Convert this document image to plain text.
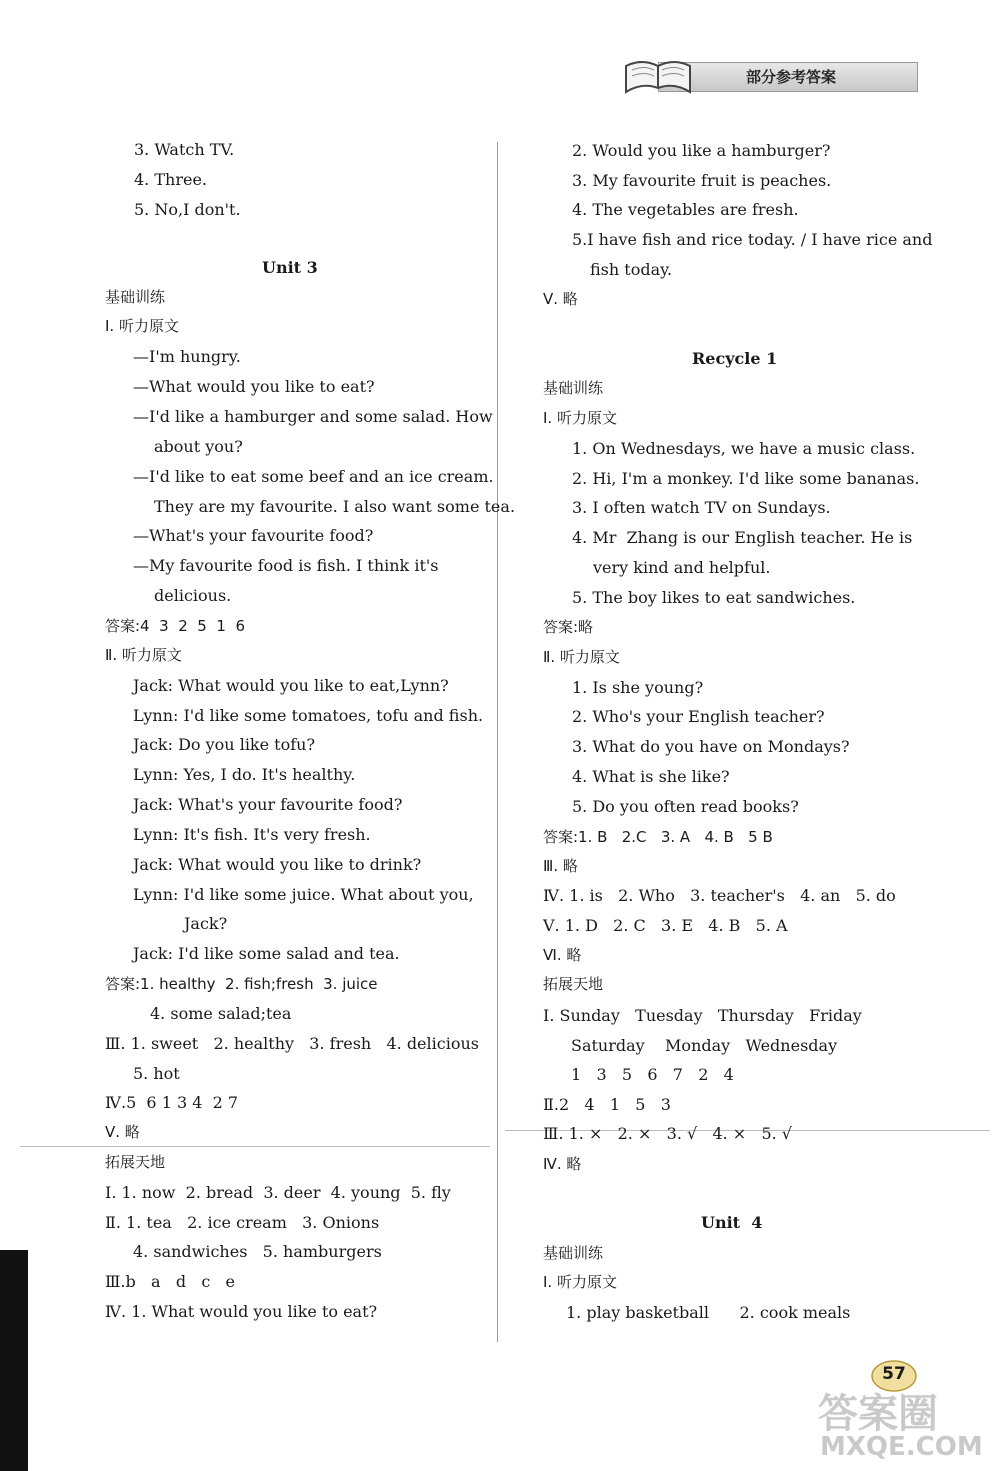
部分参考答案
3. Watch TV.
4. Three.
5. No,I don't.
Unit 3
基础训练
Ⅰ. 听力原文
—I'm hungry.
—What would you like to eat?
—I'd like a hamburger and some salad. How
about you?
—I'd like to eat some beef and an ice cream.
They are my favourite. I also want some tea.
—What's your favourite food?
—My favourite food is fish. I think it's
delicious.
答案:4  3  2  5  1  6
Ⅱ. 听力原文
Jack: What would you like to eat,Lynn?
Lynn: I'd like some tomatoes, tofu and fish.
Jack: Do you like tofu?
Lynn: Yes, I do. It's healthy.
Jack: What's your favourite food?
Lynn: It's fish. It's very fresh.
Jack: What would you like to drink?
Lynn: I'd like some juice. What about you,
Jack?
Jack: I'd like some salad and tea.
答案:1. healthy  2. fish;fresh  3. juice
4. some salad;tea
Ⅲ. 1. sweet   2. healthy   3. fresh   4. delicious
5. hot
Ⅳ.5  6 1 3 4  2 7
Ⅴ. 略
拓展天地
Ⅰ. 1. now  2. bread  3. deer  4. young  5. fly
Ⅱ. 1. tea   2. ice cream   3. Onions
4. sandwiches   5. hamburgers
Ⅲ.b   a   d   c   e
Ⅳ. 1. What would you like to eat?
2. Would you like a hamburger?
3. My favourite fruit is peaches.
4. The vegetables are fresh.
5.I have fish and rice today. / I have rice and
fish today.
Ⅴ. 略
Recycle 1
基础训练
Ⅰ. 听力原文
1. On Wednesdays, we have a music class.
2. Hi, I'm a monkey. I'd like some bananas.
3. I often watch TV on Sundays.
4. Mr  Zhang is our English teacher. He is
very kind and helpful.
5. The boy likes to eat sandwiches.
答案:略
Ⅱ. 听力原文
1. Is she young?
2. Who's your English teacher?
3. What do you have on Mondays?
4. What is she like?
5. Do you often read books?
答案:1. B   2.C   3. A   4. B   5 B
Ⅲ. 略
Ⅳ. 1. is   2. Who   3. teacher's   4. an   5. do
Ⅴ. 1. D   2. C   3. E   4. B   5. A
Ⅵ. 略
拓展天地
Ⅰ. Sunday   Tuesday   Thursday   Friday
Saturday    Monday   Wednesday
1   3   5   6   7   2   4
Ⅱ.2   4   1   5   3
Ⅲ. 1. ×   2. ×   3. √   4. ×   5. √
Ⅳ. 略
Unit  4
基础训练
Ⅰ. 听力原文
1. play basketball      2. cook meals
57
答案圈
MXQE.COM
